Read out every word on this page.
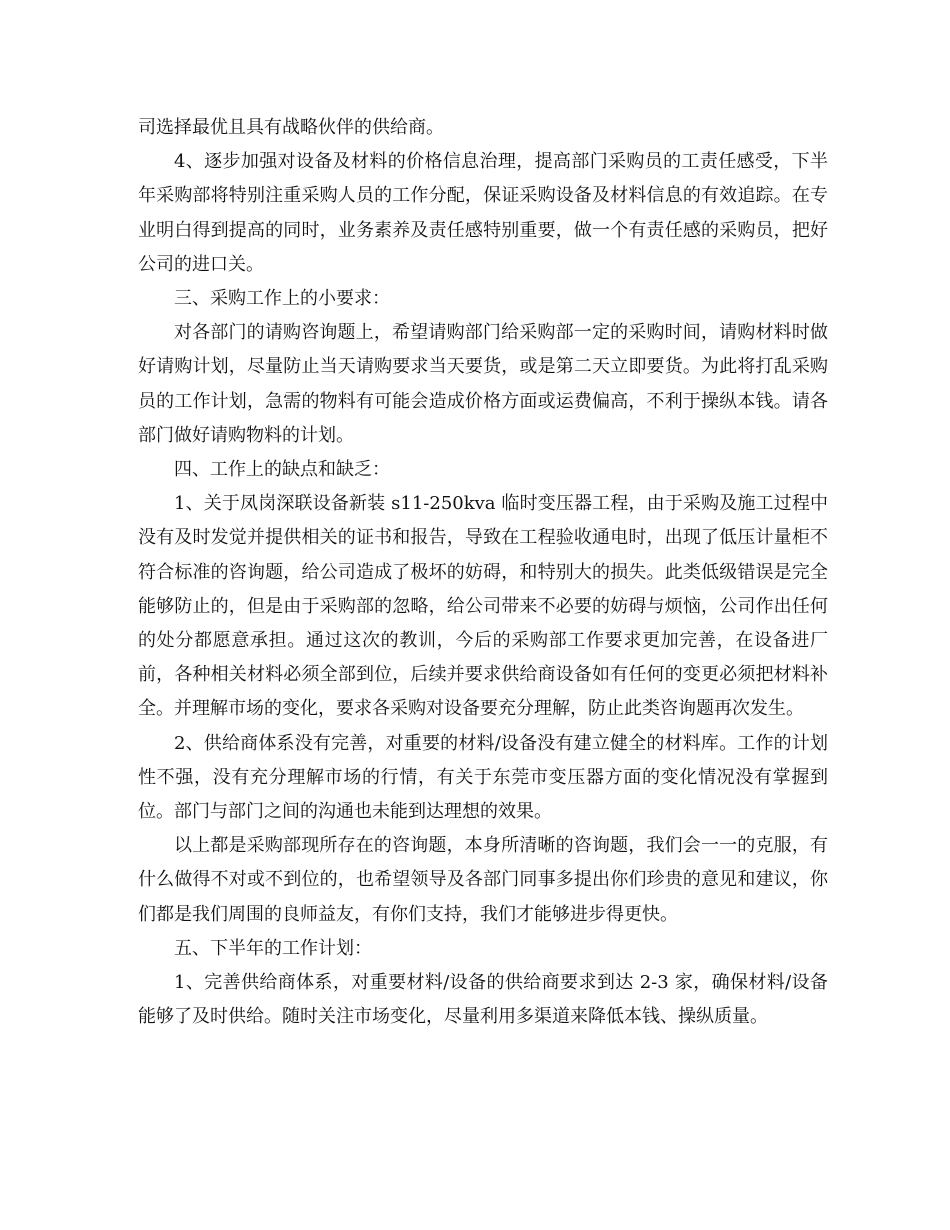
司选择最优且具有战略伙伴的供给商。

4、逐步加强对设备及材料的价格信息治理，提高部门采购员的工责任感受，下半年采购部将特别注重采购人员的工作分配，保证采购设备及材料信息的有效追踪。在专业明白得到提高的同时，业务素养及责任感特别重要，做一个有责任感的采购员，把好公司的进口关。

三、采购工作上的小要求：

对各部门的请购咨询题上，希望请购部门给采购部一定的采购时间，请购材料时做好请购计划，尽量防止当天请购要求当天要货，或是第二天立即要货。为此将打乱采购员的工作计划，急需的物料有可能会造成价格方面或运费偏高，不利于操纵本钱。请各部门做好请购物料的计划。

四、工作上的缺点和缺乏：

1、关于凤岗深联设备新装 s11-250kva 临时变压器工程，由于采购及施工过程中没有及时发觉并提供相关的证书和报告，导致在工程验收通电时，出现了低压计量柜不符合标准的咨询题，给公司造成了极坏的妨碍，和特别大的损失。此类低级错误是完全能够防止的，但是由于采购部的忽略，给公司带来不必要的妨碍与烦恼，公司作出任何的处分都愿意承担。通过这次的教训，今后的采购部工作要求更加完善，在设备进厂前，各种相关材料必须全部到位，后续并要求供给商设备如有任何的变更必须把材料补全。并理解市场的变化，要求各采购对设备要充分理解，防止此类咨询题再次发生。

2、供给商体系没有完善，对重要的材料/设备没有建立健全的材料库。工作的计划性不强，没有充分理解市场的行情，有关于东莞市变压器方面的变化情况没有掌握到位。部门与部门之间的沟通也未能到达理想的效果。

以上都是采购部现所存在的咨询题，本身所清晰的咨询题，我们会一一的克服，有什么做得不对或不到位的，也希望领导及各部门同事多提出你们珍贵的意见和建议，你们都是我们周围的良师益友，有你们支持，我们才能够进步得更快。

五、下半年的工作计划：

1、完善供给商体系，对重要材料/设备的供给商要求到达 2-3 家，确保材料/设备能够了及时供给。随时关注市场变化，尽量利用多渠道来降低本钱、操纵质量。
